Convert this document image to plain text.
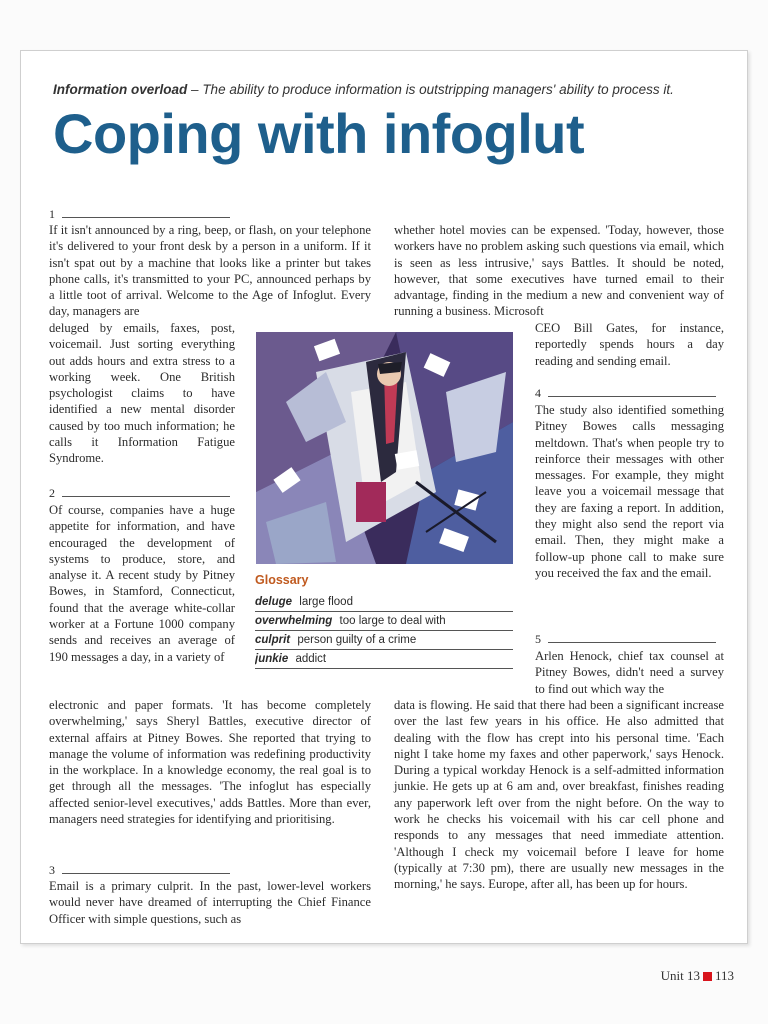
Information overload – The ability to produce information is outstripping managers' ability to process it.
Coping with infoglut
1

If it isn't announced by a ring, beep, or flash, on your telephone it's delivered to your front desk by a person in a uniform. If it isn't spat out by a machine that looks like a printer but takes phone calls, it's transmitted to your PC, announced perhaps by a little toot of arrival. Welcome to the Age of Infoglut. Every day, managers are

deluged by emails, faxes, post, voicemail. Just sorting everything out adds hours and extra stress to a working week. One British psychologist claims to have identified a new mental disorder caused by too much information; he calls it Information Fatigue Syndrome.

2

Of course, companies have a huge appetite for information, and have encouraged the development of systems to produce, store, and analyse it. A recent study by Pitney Bowes, in Stamford, Connecticut, found that the average white-collar worker at a Fortune 1000 company sends and receives an average of 190 messages a day, in a variety of

electronic and paper formats. 'It has become completely overwhelming,' says Sheryl Battles, executive director of external affairs at Pitney Bowes. She reported that trying to manage the volume of information was redefining productivity in the workplace. In a knowledge economy, the real goal is to get through all the messages. 'The infoglut has especially affected senior-level executives,' adds Battles. More than ever, managers need strategies for identifying and prioritising.

3

Email is a primary culprit. In the past, lower-level workers would never have dreamed of interrupting the Chief Finance Officer with simple questions, such as

whether hotel movies can be expensed. 'Today, however, those workers have no problem asking such questions via email, which is seen as less intrusive,' says Battles. It should be noted, however, that some executives have turned email to their advantage, finding in the medium a new and convenient way of running a business. Microsoft

CEO Bill Gates, for instance, reportedly spends hours a day reading and sending email.

4

The study also identified something Pitney Bowes calls messaging meltdown. That's when people try to reinforce their messages with other messages. For example, they might leave you a voicemail message that they are faxing a report. In addition, they might also send the report via email. Then, they might make a follow-up phone call to make sure you received the fax and the email.

5

Arlen Henock, chief tax counsel at Pitney Bowes, didn't need a survey to find out which way the

data is flowing. He said that there had been a significant increase over the last few years in his office. He also admitted that dealing with the flow has crept into his personal time. 'Each night I take home my faxes and other paperwork,' says Henock. During a typical workday Henock is a self-admitted information junkie. He gets up at 6 am and, over breakfast, finishes reading any paperwork left over from the night before. On the way to work he checks his voicemail with his car cell phone and responds to any messages that need immediate attention. 'Although I check my voicemail before I leave for home (typically at 7:30 pm), there are usually new messages in the morning,' he says. Europe, after all, has been up for hours.

Glossary
deluge large flood
overwhelming too large to deal with
culprit person guilty of a crime
junkie addict
Unit 13 113
